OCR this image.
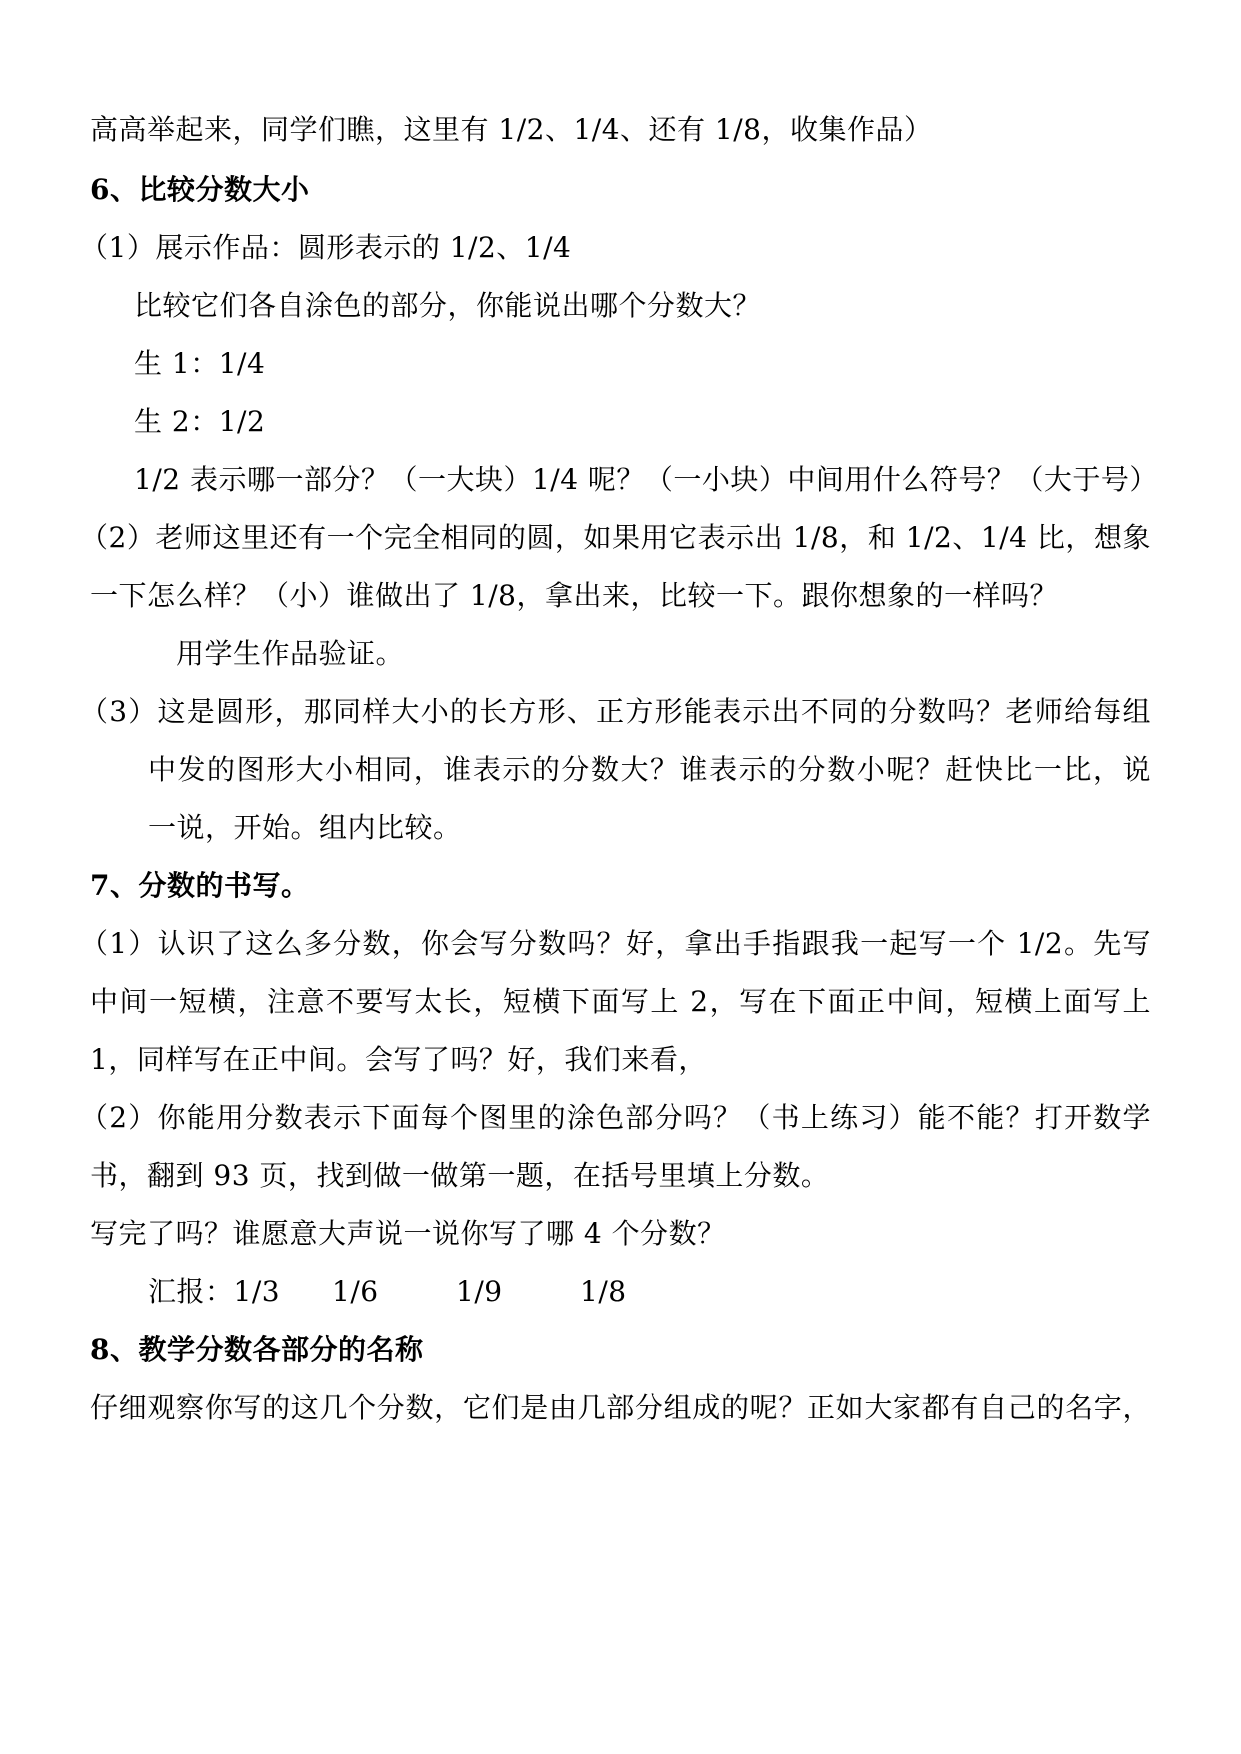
高高举起来，同学们瞧，这里有 1/2、1/4、还有 1/8，收集作品）
6、比较分数大小
（1）展示作品：圆形表示的 1/2、1/4
比较它们各自涂色的部分，你能说出哪个分数大？
生 1：1/4
生 2：1/2
1/2 表示哪一部分？（一大块）1/4 呢？（一小块）中间用什么符号？（大于号）
（2）老师这里还有一个完全相同的圆，如果用它表示出 1/8，和 1/2、1/4 比，想象
一下怎么样？（小）谁做出了 1/8，拿出来，比较一下。跟你想象的一样吗？
用学生作品验证。
（3）这是圆形，那同样大小的长方形、正方形能表示出不同的分数吗？老师给每组
中发的图形大小相同，谁表示的分数大？谁表示的分数小呢？赶快比一比，说
一说，开始。组内比较。
7、分数的书写。
（1）认识了这么多分数，你会写分数吗？好，拿出手指跟我一起写一个 1/2。先写
中间一短横，注意不要写太长，短横下面写上 2，写在下面正中间，短横上面写上
1，同样写在正中间。会写了吗？好，我们来看，
（2）你能用分数表示下面每个图里的涂色部分吗？（书上练习）能不能？打开数学
书，翻到 93 页，找到做一做第一题，在括号里填上分数。
写完了吗？谁愿意大声说一说你写了哪 4 个分数？
汇报：1/3 1/6	1/9	1/8
8、教学分数各部分的名称
仔细观察你写的这几个分数，它们是由几部分组成的呢？正如大家都有自己的名字，
